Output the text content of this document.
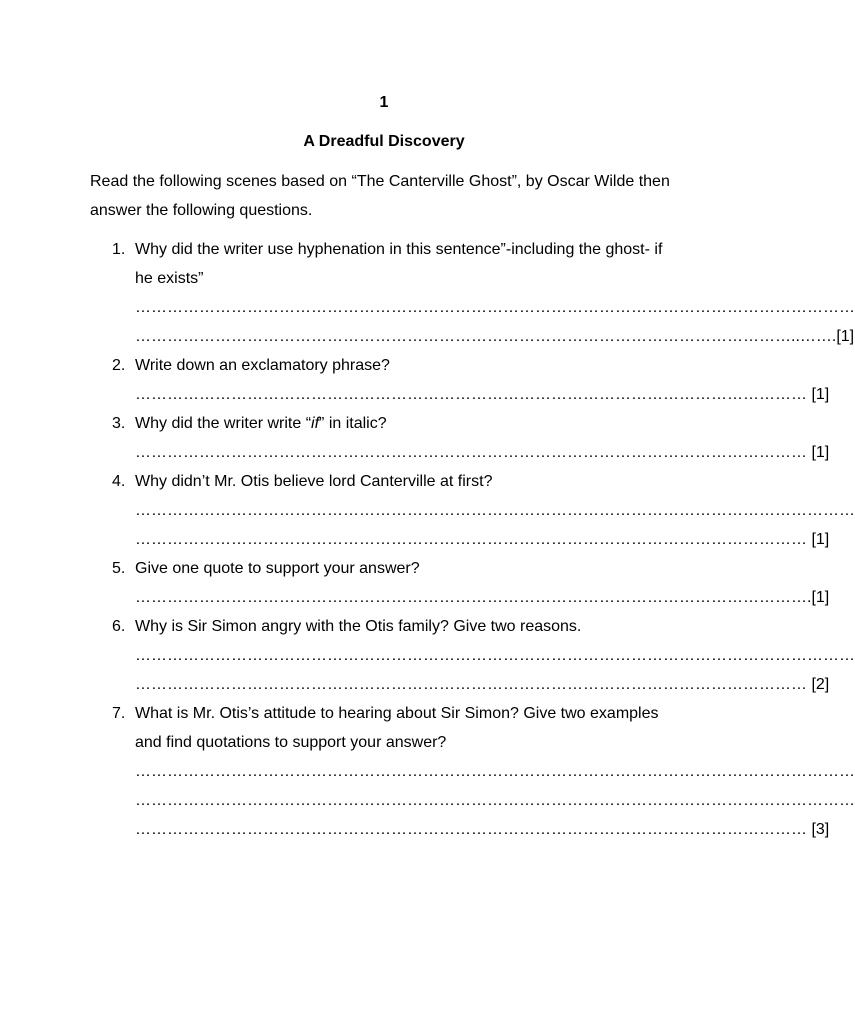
1
A Dreadful Discovery
Read the following scenes based on “The Canterville Ghost”, by Oscar Wilde then answer the following questions.
1. Why did the writer use hyphenation in this sentence”-including the ghost- if he exists”
………………………………………………………………………………………………………………………
……………………………………………………………………………………………………………..…….[1]
2. Write down an exclamatory phrase?
……………………………………………………………………………………………………………… [1]
3. Why did the writer write “if” in italic?
……………………………………………………………………………………………………………… [1]
4. Why didn’t Mr. Otis believe lord Canterville at first?
………………………………………………………………………………………………………………………
……………………………………………………………………………………………………………… [1]
5. Give one quote to support your answer?
……………………………………………………………………………………………………………….[1]
6. Why is Sir Simon angry with the Otis family? Give two reasons.
………………………………………………………………………………………………………………………
……………………………………………………………………………………………………………… [2]
7. What is Mr. Otis’s attitude to hearing about Sir Simon? Give two examples and find quotations to support your answer?
………………………………………………………………………………………………………………………
………………………………………………………………………………………………………………………
……………………………………………………………………………………………………………… [3]
